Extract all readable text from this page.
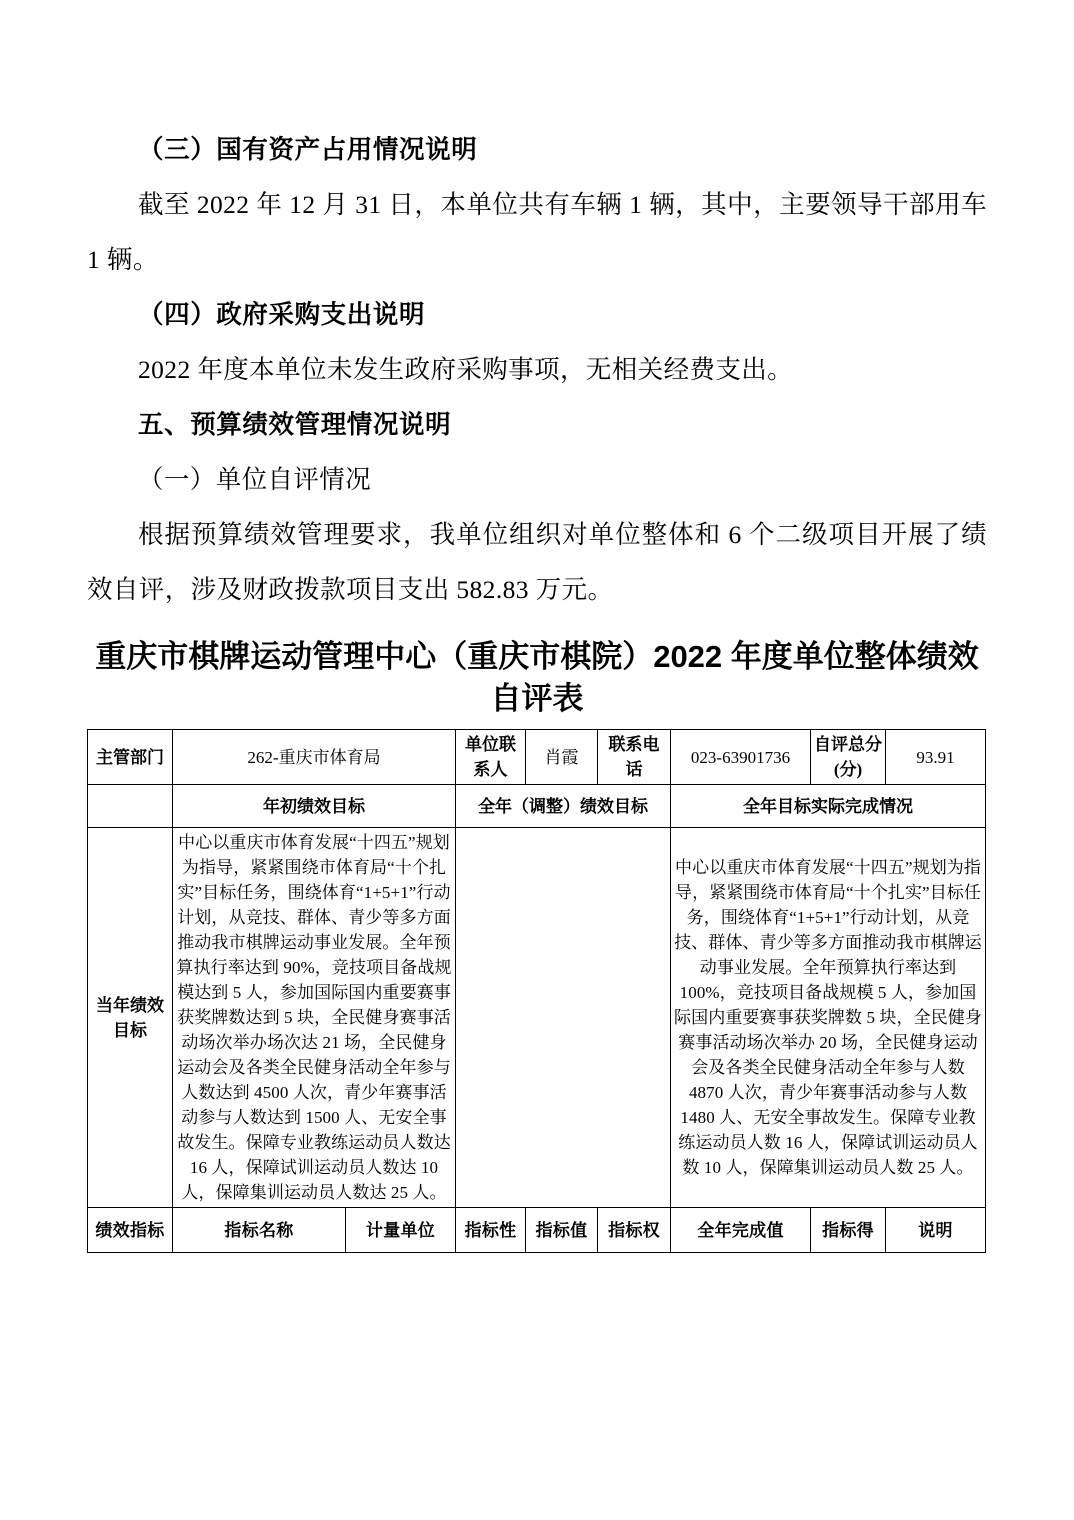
（三）国有资产占用情况说明

截至 2022 年 12 月 31 日，本单位共有车辆 1 辆，其中，主要领导干部用车 1 辆。

（四）政府采购支出说明

2022 年度本单位未发生政府采购事项，无相关经费支出。

五、预算绩效管理情况说明

（一）单位自评情况

根据预算绩效管理要求，我单位组织对单位整体和 6 个二级项目开展了绩效自评，涉及财政拨款项目支出 582.83 万元。

重庆市棋牌运动管理中心（重庆市棋院）2022 年度单位整体绩效自评表
主管部门	262-重庆市体育局		单位联系人	肖霞	联系电话	023-63901736	自评总分(分)	93.91
	年初绩效目标		全年（调整）绩效目标			全年目标实际完成情况		
当年绩效目标	中心以重庆市体育发展“十四五”规划为指导，紧紧围绕市体育局“十个扎实”目标任务，围绕体育“1+5+1”行动计划，从竞技、群体、青少等多方面推动我市棋牌运动事业发展。全年预算执行率达到 90%，竞技项目备战规模达到 5 人，参加国际国内重要赛事获奖牌数达到 5 块，全民健身赛事活动场次举办场次达 21 场，全民健身运动会及各类全民健身活动全年参与人数达到 4500 人次，青少年赛事活动参与人数达到 1500 人、无安全事故发生。保障专业教练运动员人数达 16 人，保障试训运动员人数达 10 人，保障集训运动员人数达 25 人。		中心以重庆市体育发展“十四五”规划为指导，紧紧围绕市体育局“十个扎实”目标任务，围绕体育“1+5+1”行动计划，从竞技、群体、青少等多方面推动我市棋牌运动事业发展。全年预算执行率达到 100%，竞技项目备战规模 5 人，参加国际国内重要赛事获奖牌数 5 块，全民健身赛事活动场次举办 20 场，全民健身运动会及各类全民健身活动全年参与人数 4870 人次，青少年赛事活动参与人数 1480 人、无安全事故发生。保障专业教练运动员人数 16 人，保障试训运动员人数 10 人，保障集训运动员人数 25 人。
绩效指标	指标名称	计量单位	指标性	指标值	指标权	全年完成值	指标得	说明
